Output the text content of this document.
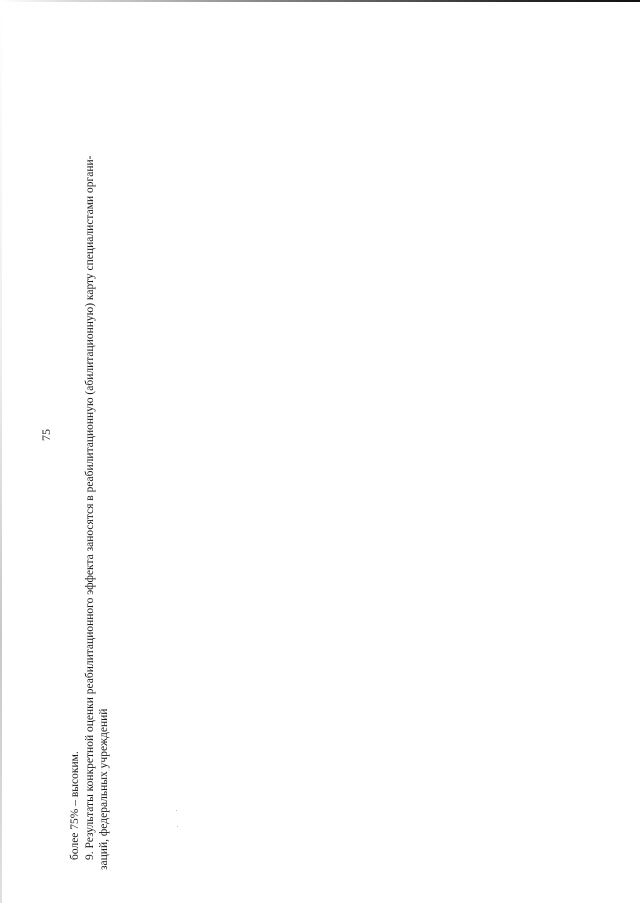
75
более 75% – высоким. 9. Результаты конкретной оценки реабилитационного эффекта заносятся в реабилитационную (абилитационную) карту специалистами органи- заций, федеральных учреждений
